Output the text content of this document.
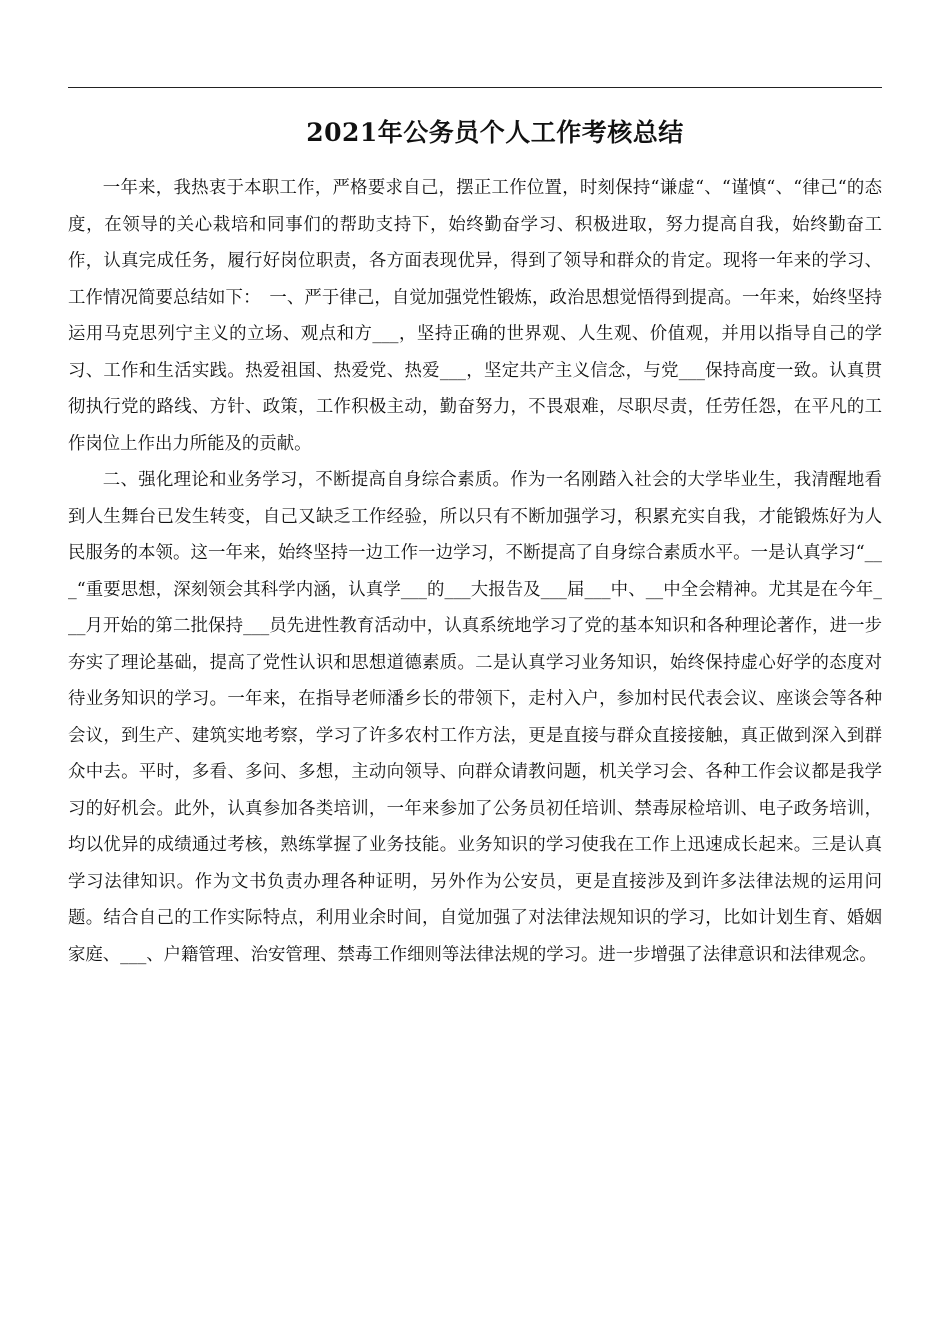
2021年公务员个人工作考核总结

一年来，我热衷于本职工作，严格要求自己，摆正工作位置，时刻保持“谦虚“、“谨慎“、“律己“的态度，在领导的关心栽培和同事们的帮助支持下，始终勤奋学习、积极进取，努力提高自我，始终勤奋工作，认真完成任务，履行好岗位职责，各方面表现优异，得到了领导和群众的肯定。现将一年来的学习、工作情况简要总结如下：　一、严于律己，自觉加强党性锻炼，政治思想觉悟得到提高。一年来，始终坚持运用马克思列宁主义的立场、观点和方___，坚持正确的世界观、人生观、价值观，并用以指导自己的学习、工作和生活实践。热爱祖国、热爱党、热爱___，坚定共产主义信念，与党___保持高度一致。认真贯彻执行党的路线、方针、政策，工作积极主动，勤奋努力，不畏艰难，尽职尽责，任劳任怨，在平凡的工作岗位上作出力所能及的贡献。

二、强化理论和业务学习，不断提高自身综合素质。作为一名刚踏入社会的大学毕业生，我清醒地看到人生舞台已发生转变，自己又缺乏工作经验，所以只有不断加强学习，积累充实自我，才能锻炼好为人民服务的本领。这一年来，始终坚持一边工作一边学习，不断提高了自身综合素质水平。一是认真学习“___“重要思想，深刻领会其科学内涵，认真学___的___大报告及___届___中、__中全会精神。尤其是在今年___月开始的第二批保持___员先进性教育活动中，认真系统地学习了党的基本知识和各种理论著作，进一步夯实了理论基础，提高了党性认识和思想道德素质。二是认真学习业务知识，始终保持虚心好学的态度对待业务知识的学习。一年来，在指导老师潘乡长的带领下，走村入户，参加村民代表会议、座谈会等各种会议，到生产、建筑实地考察，学习了许多农村工作方法，更是直接与群众直接接触，真正做到深入到群众中去。平时，多看、多问、多想，主动向领导、向群众请教问题，机关学习会、各种工作会议都是我学习的好机会。此外，认真参加各类培训，一年来参加了公务员初任培训、禁毒尿检培训、电子政务培训，均以优异的成绩通过考核，熟练掌握了业务技能。业务知识的学习使我在工作上迅速成长起来。三是认真学习法律知识。作为文书负责办理各种证明，另外作为公安员，更是直接涉及到许多法律法规的运用问题。结合自己的工作实际特点，利用业余时间，自觉加强了对法律法规知识的学习，比如计划生育、婚姻家庭、___、户籍管理、治安管理、禁毒工作细则等法律法规的学习。进一步增强了法律意识和法律观念。
